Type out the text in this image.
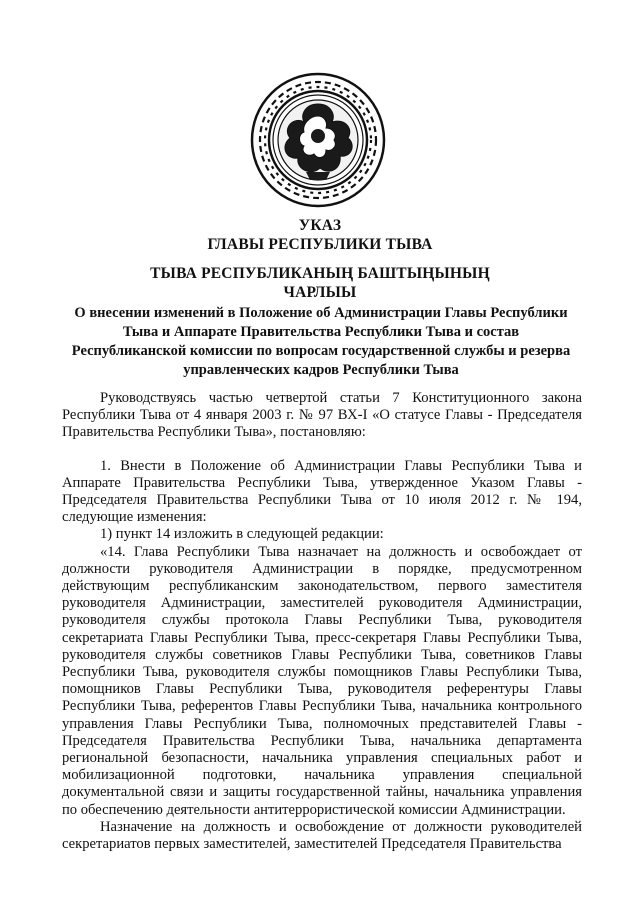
УКАЗ
ГЛАВЫ РЕСПУБЛИКИ ТЫВА
ТЫВА РЕСПУБЛИКАНЫҢ БАШТЫҢЫНЫҢ
ЧАРЛЫЫ
О внесении изменений в Положение об Администрации Главы Республики Тыва и Аппарате Правительства Республики Тыва и состав Республиканской комиссии по вопросам государственной службы и резерва управленческих кадров Республики Тыва

Руководствуясь частью четвертой статьи 7 Конституционного закона Республики Тыва от 4 января 2003 г. № 97 ВХ-I «О статусе Главы - Председателя Правительства Республики Тыва», постановляю:

1. Внести в Положение об Администрации Главы Республики Тыва и Аппарате Правительства Республики Тыва, утвержденное Указом Главы - Председателя Правительства Республики Тыва от 10 июля 2012 г. № 194, следующие изменения:

1) пункт 14 изложить в следующей редакции:

«14. Глава Республики Тыва назначает на должность и освобождает от должности руководителя Администрации в порядке, предусмотренном действующим республиканским законодательством, первого заместителя руководителя Администрации, заместителей руководителя Администрации, руководителя службы протокола Главы Республики Тыва, руководителя секретариата Главы Республики Тыва, пресс-секретаря Главы Республики Тыва, руководителя службы советников Главы Республики Тыва, советников Главы Республики Тыва, руководителя службы помощников Главы Республики Тыва, помощников Главы Республики Тыва, руководителя референтуры Главы Республики Тыва, референтов Главы Республики Тыва, начальника контрольного управления Главы Республики Тыва, полномочных представителей Главы - Председателя Правительства Республики Тыва, начальника департамента региональной безопасности, начальника управления специальных работ и мобилизационной подготовки, начальника управления специальной документальной связи и защиты государственной тайны, начальника управления по обеспечению деятельности антитеррористической комиссии Администрации.

Назначение на должность и освобождение от должности руководителей секретариатов первых заместителей, заместителей Председателя Правительства
